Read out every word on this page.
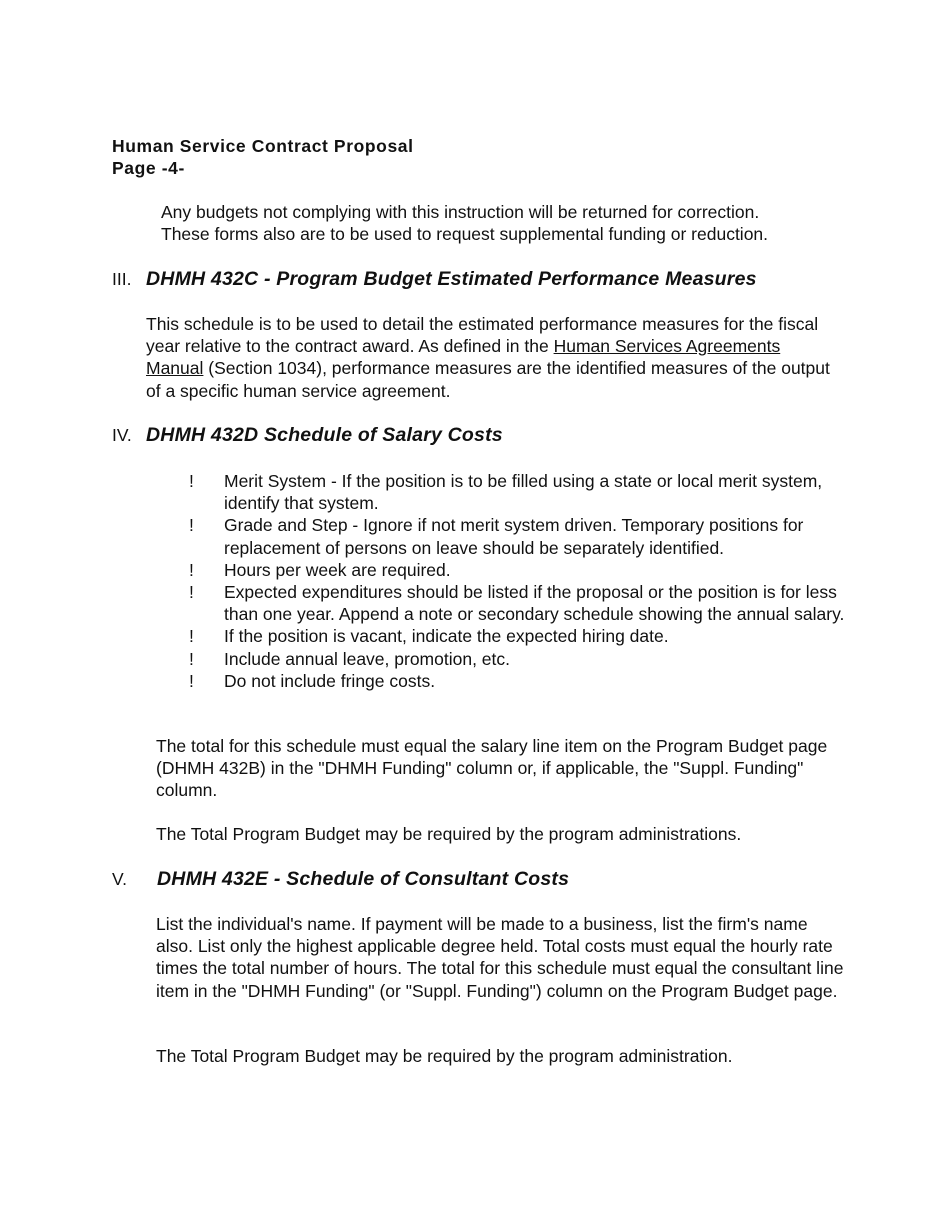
Human Service Contract Proposal
Page -4-
Any budgets not complying with this instruction will be returned for correction.
These forms also are to be used to request supplemental funding or reduction.
III. DHMH 432C - Program Budget Estimated Performance Measures

This schedule is to be used to detail the estimated performance measures for the fiscal year relative to the contract award. As defined in the Human Services Agreements Manual (Section 1034), performance measures are the identified measures of the output of a specific human service agreement.

IV. DHMH 432D Schedule of Salary Costs
!	Merit System - If the position is to be filled using a state or local merit system, identify that system.
!	Grade and Step - Ignore if not merit system driven. Temporary positions for replacement of persons on leave should be separately identified.
!	Hours per week are required.
!	Expected expenditures should be listed if the proposal or the position is for less than one year. Append a note or secondary schedule showing the annual salary.
!	If the position is vacant, indicate the expected hiring date.
!	Include annual leave, promotion, etc.
!	Do not include fringe costs.

The total for this schedule must equal the salary line item on the Program Budget page (DHMH 432B) in the "DHMH Funding" column or, if applicable, the "Suppl. Funding" column.

The Total Program Budget may be required by the program administrations.

V. DHMH 432E - Schedule of Consultant Costs

List the individual's name. If payment will be made to a business, list the firm's name also. List only the highest applicable degree held. Total costs must equal the hourly rate times the total number of hours. The total for this schedule must equal the consultant line item in the "DHMH Funding" (or "Suppl. Funding") column on the Program Budget page.

The Total Program Budget may be required by the program administration.
